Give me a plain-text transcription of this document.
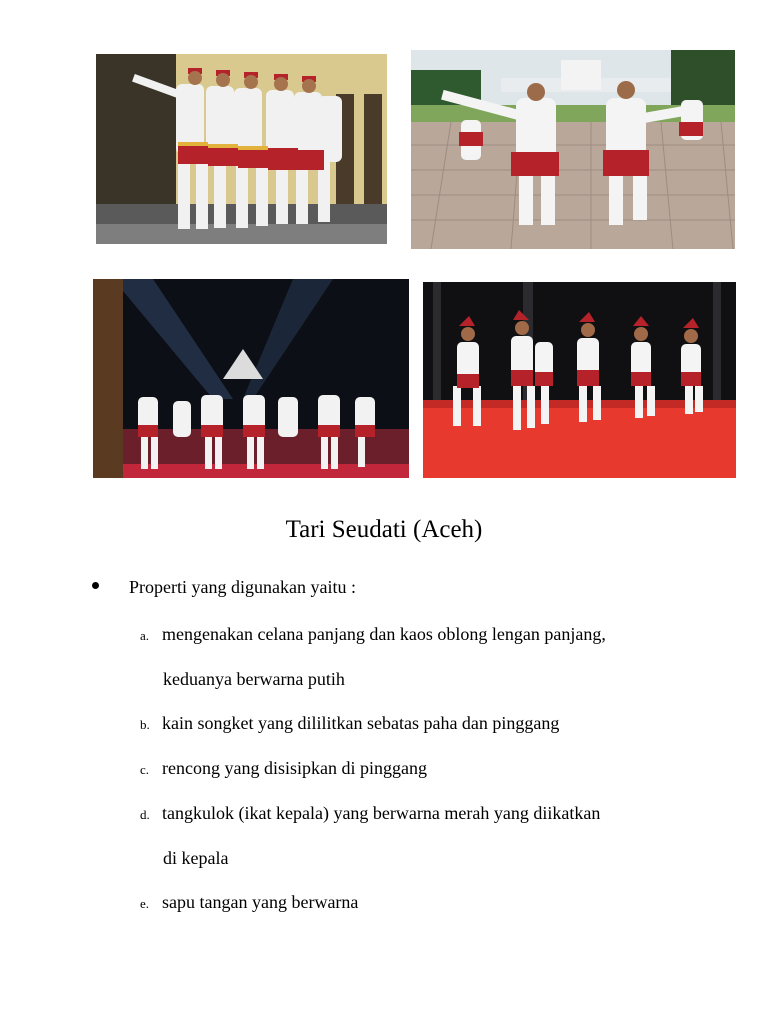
Tari Seudati (Aceh)
Properti yang digunakan yaitu :
a. mengenakan celana panjang dan kaos oblong lengan panjang,
keduanya berwarna putih
b. kain songket yang dililitkan sebatas paha dan pinggang
c. rencong yang disisipkan di pinggang
d. tangkulok (ikat kepala) yang berwarna merah yang diikatkan
di kepala
e. sapu tangan yang berwarna
